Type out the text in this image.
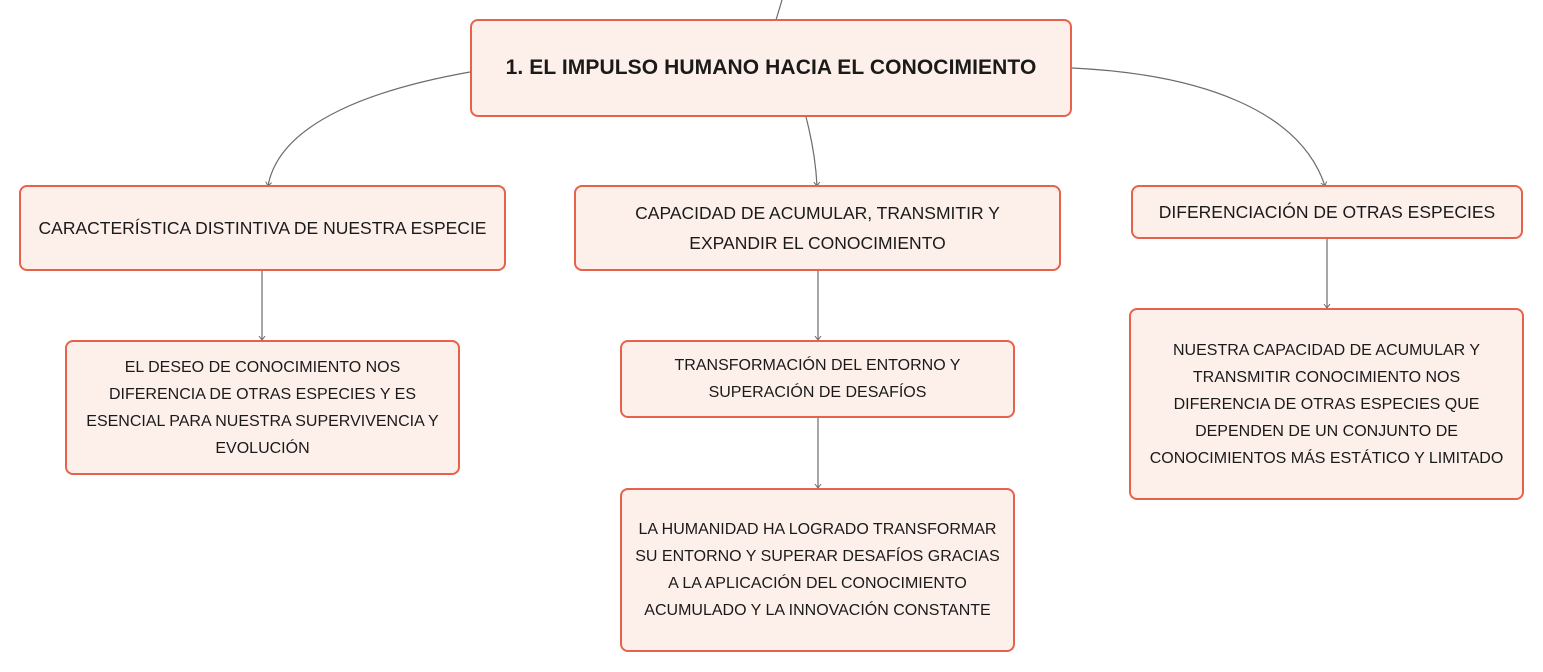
1. EL IMPULSO HUMANO HACIA EL CONOCIMIENTO
CARACTERÍSTICA DISTINTIVA DE NUESTRA ESPECIE
CAPACIDAD DE ACUMULAR, TRANSMITIR Y EXPANDIR EL CONOCIMIENTO
DIFERENCIACIÓN DE OTRAS ESPECIES
EL DESEO DE CONOCIMIENTO NOS DIFERENCIA DE OTRAS ESPECIES Y ES ESENCIAL PARA NUESTRA SUPERVIVENCIA Y EVOLUCIÓN
TRANSFORMACIÓN DEL ENTORNO Y SUPERACIÓN DE DESAFÍOS
LA HUMANIDAD HA LOGRADO TRANSFORMAR SU ENTORNO Y SUPERAR DESAFÍOS GRACIAS A LA APLICACIÓN DEL CONOCIMIENTO ACUMULADO Y LA INNOVACIÓN CONSTANTE
NUESTRA CAPACIDAD DE ACUMULAR Y TRANSMITIR CONOCIMIENTO NOS DIFERENCIA DE OTRAS ESPECIES QUE DEPENDEN DE UN CONJUNTO DE CONOCIMIENTOS MÁS ESTÁTICO Y LIMITADO
